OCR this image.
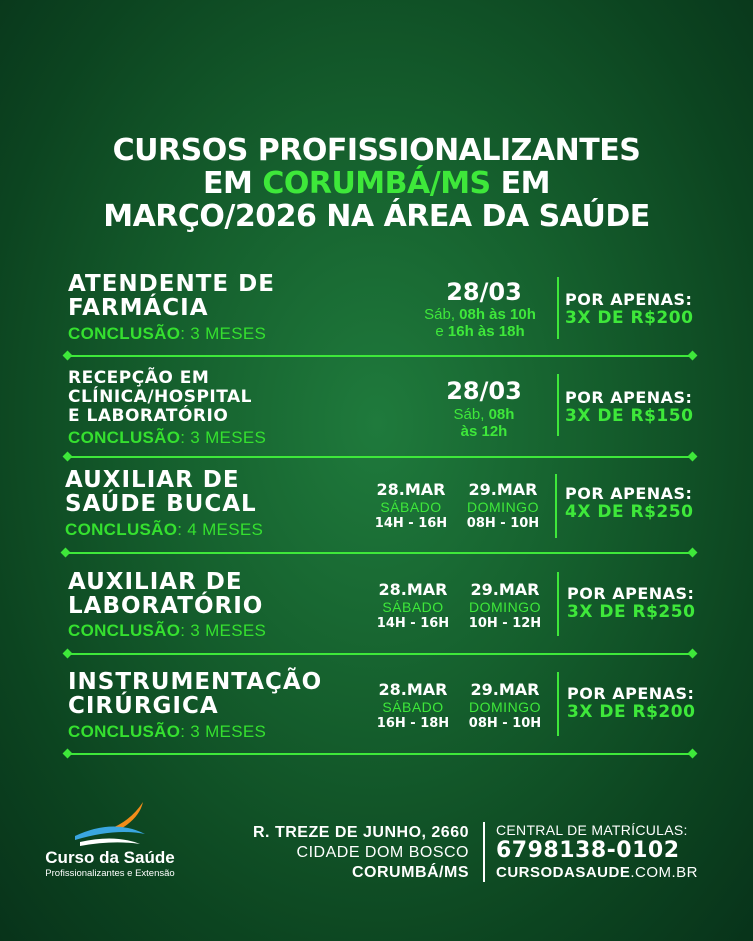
CURSOS PROFISSIONALIZANTES
EM CORUMBÁ/MS EM
MARÇO/2026 NA ÁREA DA SAÚDE
ATENDENTE DE
FARMÁCIA
CONCLUSÃO: 3 MESES
28/03
Sáb, 08h às 10h
e 16h às 18h
POR APENAS:
3X DE R$200
RECEPÇÃO EM
CLÍNICA/HOSPITAL
E LABORATÓRIO
CONCLUSÃO: 3 MESES
28/03
Sáb, 08h
às 12h
POR APENAS:
3X DE R$150
AUXILIAR DE
SAÚDE BUCAL
CONCLUSÃO: 4 MESES
28.MAR
SÁBADO
14H - 16H
29.MAR
DOMINGO
08H - 10H
POR APENAS:
4X DE R$250
AUXILIAR DE
LABORATÓRIO
CONCLUSÃO: 3 MESES
28.MAR
SÁBADO
14H - 16H
29.MAR
DOMINGO
10H - 12H
POR APENAS:
3X DE R$250
INSTRUMENTAÇÃO
CIRÚRGICA
CONCLUSÃO: 3 MESES
28.MAR
SÁBADO
16H - 18H
29.MAR
DOMINGO
08H - 10H
POR APENAS:
3X DE R$200
Curso da Saúde
Profissionalizantes e Extensão
R. TREZE DE JUNHO, 2660
CIDADE DOM BOSCO
CORUMBÁ/MS
CENTRAL DE MATRÍCULAS:
6798138-0102
CURSODASAUDE.COM.BR
